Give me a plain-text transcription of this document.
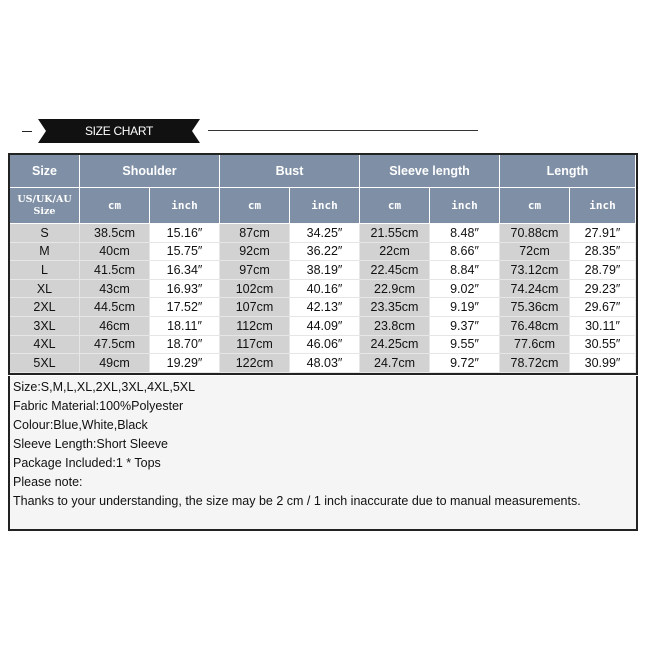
SIZE CHART
Size	Shoulder	Bust	Sleeve length	Length
US/UK/AU
Size	cm	inch	cm	inch	cm	inch	cm	inch
S	38.5cm	15.16″	87cm	34.25″	21.55cm	8.48″	70.88cm	27.91″
M	40cm	15.75″	92cm	36.22″	22cm	8.66″	72cm	28.35″
L	41.5cm	16.34″	97cm	38.19″	22.45cm	8.84″	73.12cm	28.79″
XL	43cm	16.93″	102cm	40.16″	22.9cm	9.02″	74.24cm	29.23″
2XL	44.5cm	17.52″	107cm	42.13″	23.35cm	9.19″	75.36cm	29.67″
3XL	46cm	18.11″	112cm	44.09″	23.8cm	9.37″	76.48cm	30.11″
4XL	47.5cm	18.70″	117cm	46.06″	24.25cm	9.55″	77.6cm	30.55″
5XL	49cm	19.29″	122cm	48.03″	24.7cm	9.72″	78.72cm	30.99″
Size:S,M,L,XL,2XL,3XL,4XL,5XL
Fabric Material:100%Polyester
Colour:Blue,White,Black
Sleeve Length:Short Sleeve
Package Included:1 * Tops
Please note:
Thanks to your understanding, the size may be 2 cm / 1 inch inaccurate due to manual measurements.
